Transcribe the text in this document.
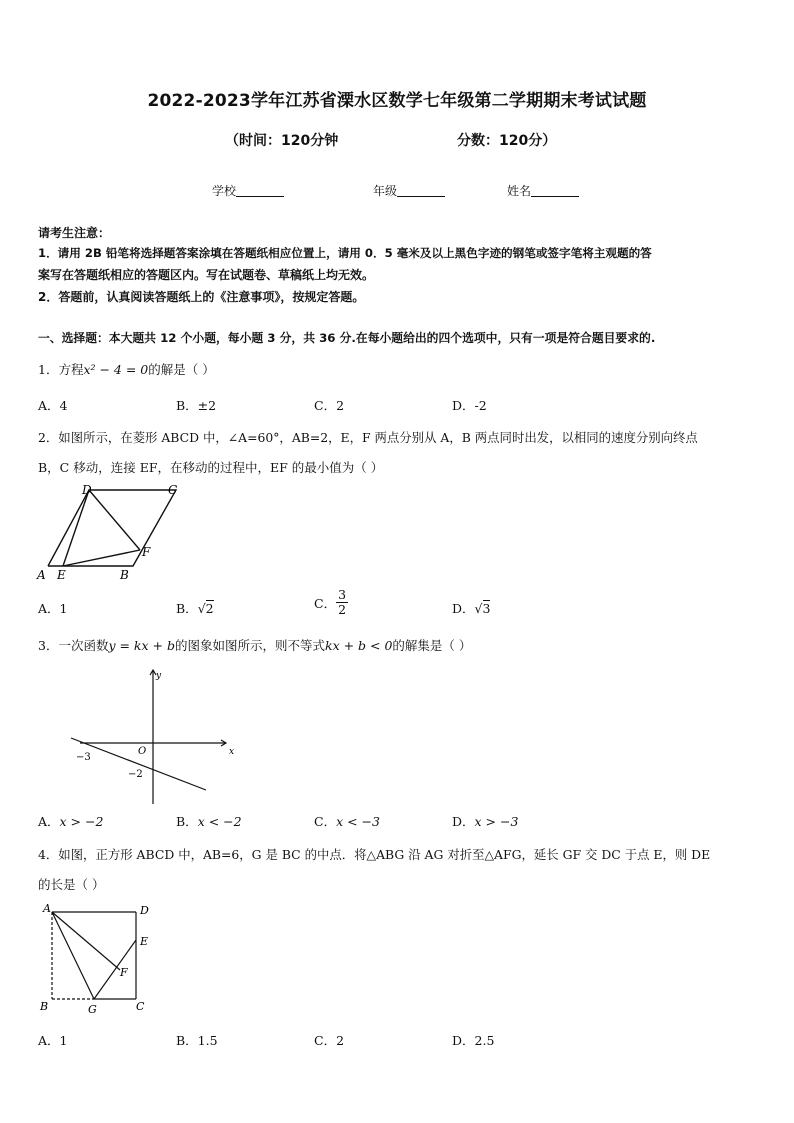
2022-2023学年江苏省溧水区数学七年级第二学期期末考试试题
（时间：120分钟	分数：120分）
学校	年级	姓名
请考生注意：
1．请用 2B 铅笔将选择题答案涂填在答题纸相应位置上，请用 0．5 毫米及以上黑色字迹的钢笔或签字笔将主观题的答
案写在答题纸相应的答题区内。写在试题卷、草稿纸上均无效。
2．答题前，认真阅读答题纸上的《注意事项》，按规定答题。
一、选择题：本大题共 12 个小题，每小题 3 分，共 36 分.在每小题给出的四个选项中，只有一项是符合题目要求的.
1．方程x² − 4 = 0的解是（ ）
A．4	B．±2	C．2	D．-2
2．如图所示，在菱形 ABCD 中，∠A=60°，AB=2，E，F 两点分别从 A，B 两点同时出发，以相同的速度分别向终点
B，C 移动，连接 EF，在移动的过程中，EF 的最小值为（ ）
A E	B
D	C
F
A．1	B．√2	C． $\frac{3}{2}$	D．√3
3．一次函数y = kx + b的图象如图所示，则不等式kx + b < 0的解集是（ ）
y
x
O
−3
−2
A．x > −2	B．x < −2	C．x < −3	D．x > −3
4．如图，正方形 ABCD 中，AB=6，G 是 BC 的中点．将△ABG 沿 AG 对折至△AFG，延长 GF 交 DC 于点 E，则 DE
的长是（ ）
A	D
E
F
B	G	C
A．1	B．1.5	C．2	D．2.5
